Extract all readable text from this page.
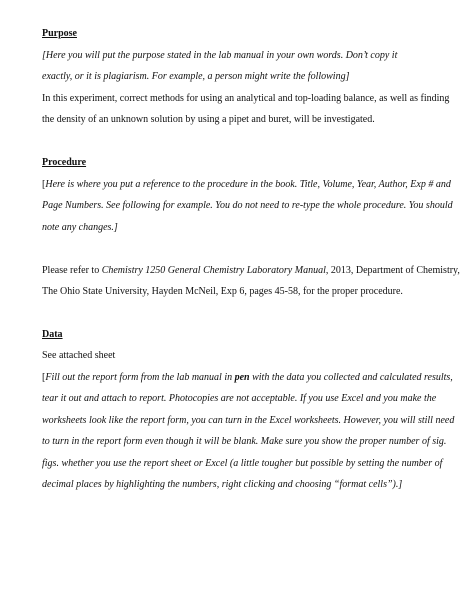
Purpose
[Here you will put the purpose stated in the lab manual in your own words. Don’t copy it
exactly, or it is plagiarism. For example, a person might write the following]
In this experiment, correct methods for using an analytical and top-loading balance, as well as finding
the density of an unknown solution by using a pipet and buret, will be investigated.
Procedure
[Here is where you put a reference to the procedure in the book. Title, Volume, Year, Author, Exp # and
Page Numbers. See following for example. You do not need to re-type the whole procedure. You should
note any changes.]
Please refer to Chemistry 1250 General Chemistry Laboratory Manual, 2013, Department of Chemistry,
The Ohio State University, Hayden McNeil, Exp 6, pages 45-58, for the proper procedure.
Data
See attached sheet
[Fill out the report form from the lab manual in pen with the data you collected and calculated results,
tear it out and attach to report. Photocopies are not acceptable. If you use Excel and you make the
worksheets look like the report form, you can turn in the Excel worksheets. However, you will still need
to turn in the report form even though it will be blank. Make sure you show the proper number of sig.
figs. whether you use the report sheet or Excel (a little tougher but possible by setting the number of
decimal places by highlighting the numbers, right clicking and choosing “format cells”).]
